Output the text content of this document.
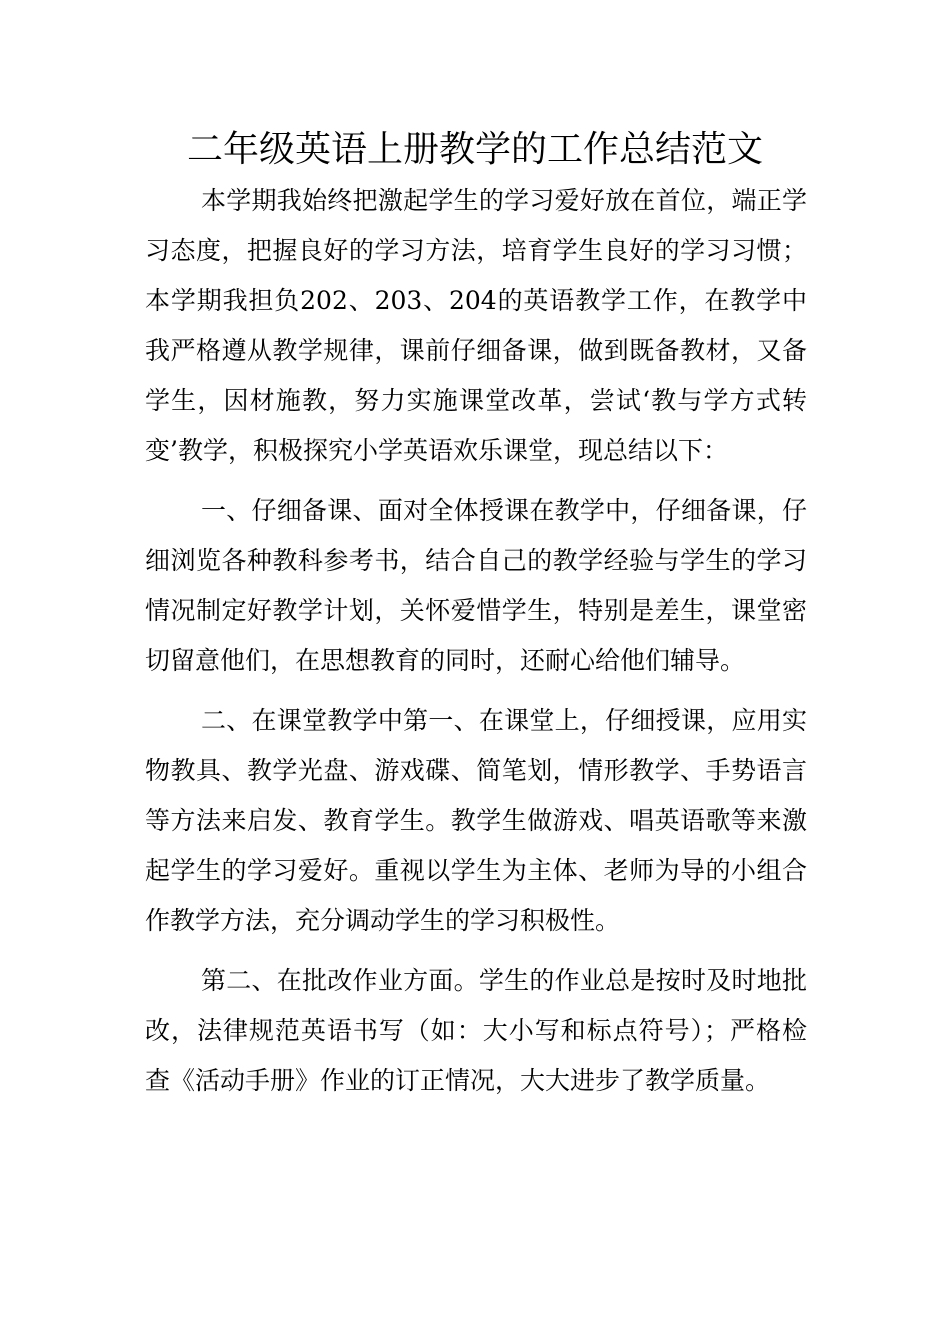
二年级英语上册教学的工作总结范文

本学期我始终把激起学生的学习爱好放在首位，端正学习态度，把握良好的学习方法，培育学生良好的学习习惯；本学期我担负202、203、204的英语教学工作，在教学中我严格遵从教学规律，课前仔细备课，做到既备教材，又备学生，因材施教，努力实施课堂改革，尝试‘教与学方式转变’教学，积极探究小学英语欢乐课堂，现总结以下：

一、仔细备课、面对全体授课在教学中，仔细备课，仔细浏览各种教科参考书，结合自己的教学经验与学生的学习情况制定好教学计划，关怀爱惜学生，特别是差生，课堂密切留意他们，在思想教育的同时，还耐心给他们辅导。

二、在课堂教学中第一、在课堂上，仔细授课，应用实物教具、教学光盘、游戏碟、简笔划，情形教学、手势语言等方法来启发、教育学生。教学生做游戏、唱英语歌等来激起学生的学习爱好。重视以学生为主体、老师为导的小组合作教学方法，充分调动学生的学习积极性。

第二、在批改作业方面。学生的作业总是按时及时地批改，法律规范英语书写（如：大小写和标点符号）；严格检查《活动手册》作业的订正情况，大大进步了教学质量。
